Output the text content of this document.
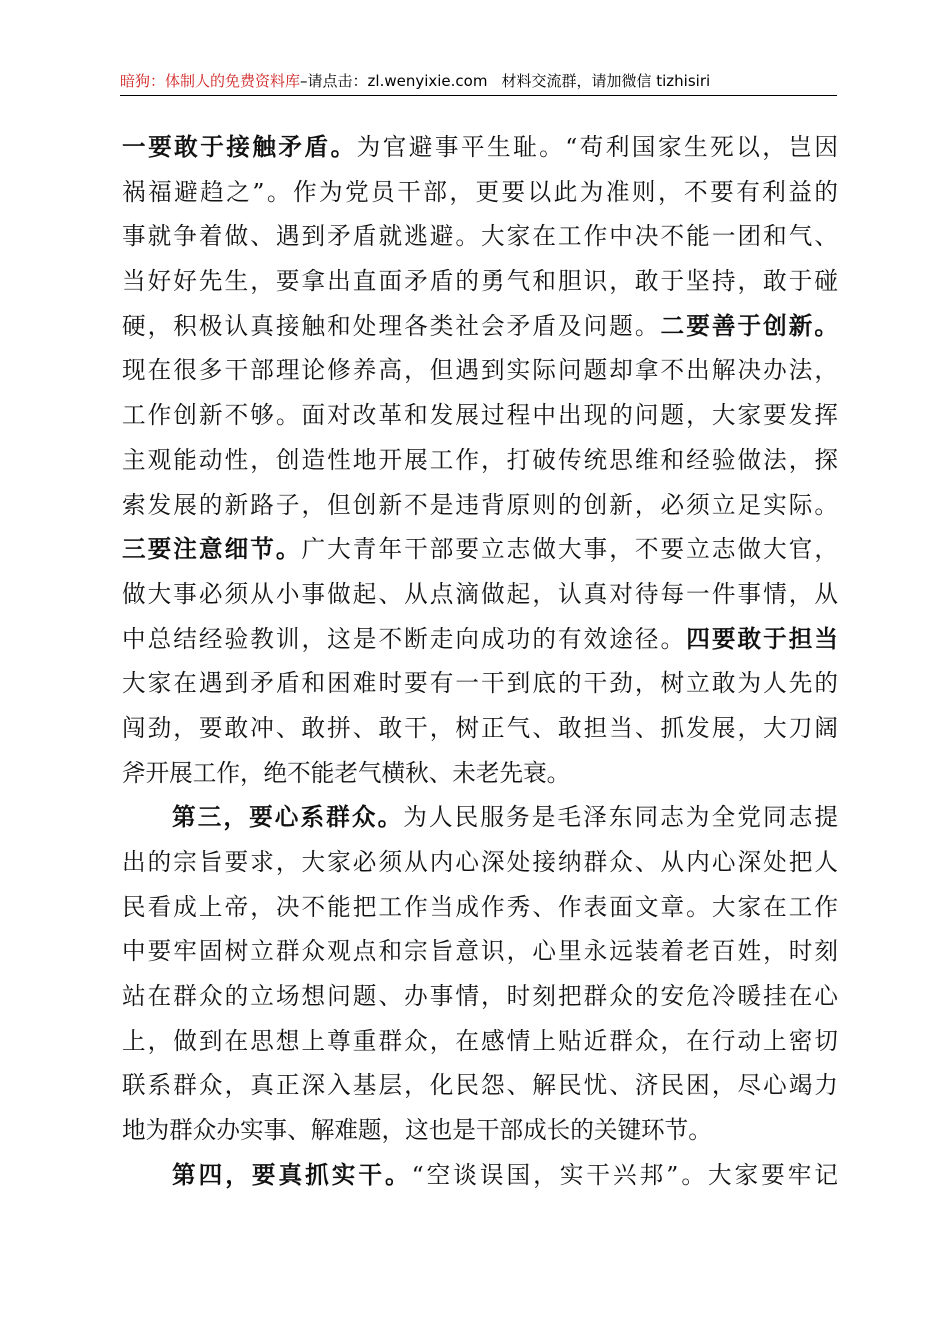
暗狗：体制人的免费资料库–请点击：zl.wenyixie.com 材料交流群，请加微信 tizhisiri
一要敢于接触矛盾。为官避事平生耻。“苟利国家生死以，岂因
祸福避趋之”。作为党员干部，更要以此为准则，不要有利益的
事就争着做、遇到矛盾就逃避。大家在工作中决不能一团和气、
当好好先生，要拿出直面矛盾的勇气和胆识，敢于坚持，敢于碰
硬，积极认真接触和处理各类社会矛盾及问题。二要善于创新。
现在很多干部理论修养高，但遇到实际问题却拿不出解决办法，
工作创新不够。面对改革和发展过程中出现的问题，大家要发挥
主观能动性，创造性地开展工作，打破传统思维和经验做法，探
索发展的新路子，但创新不是违背原则的创新，必须立足实际。
三要注意细节。广大青年干部要立志做大事，不要立志做大官，
做大事必须从小事做起、从点滴做起，认真对待每一件事情，从
中总结经验教训，这是不断走向成功的有效途径。四要敢于担当
大家在遇到矛盾和困难时要有一干到底的干劲，树立敢为人先的
闯劲，要敢冲、敢拼、敢干，树正气、敢担当、抓发展，大刀阔
斧开展工作，绝不能老气横秋、未老先衰。
第三，要心系群众。为人民服务是毛泽东同志为全党同志提
出的宗旨要求，大家必须从内心深处接纳群众、从内心深处把人
民看成上帝，决不能把工作当成作秀、作表面文章。大家在工作
中要牢固树立群众观点和宗旨意识，心里永远装着老百姓，时刻
站在群众的立场想问题、办事情，时刻把群众的安危冷暖挂在心
上，做到在思想上尊重群众，在感情上贴近群众，在行动上密切
联系群众，真正深入基层，化民怨、解民忧、济民困，尽心竭力
地为群众办实事、解难题，这也是干部成长的关键环节。
第四，要真抓实干。“空谈误国，实干兴邦”。大家要牢记
